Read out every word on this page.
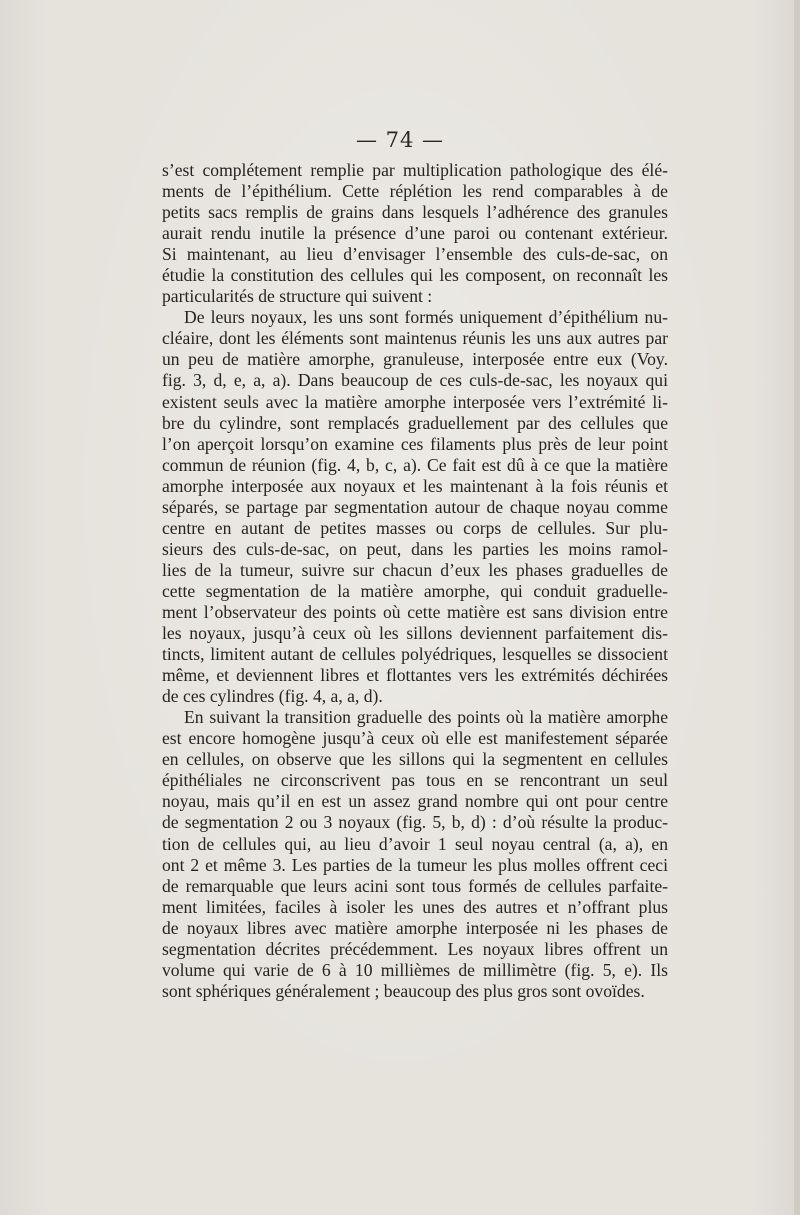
— 74 —
s’est complétement remplie par multiplication pathologique des élé-
ments de l’épithélium. Cette réplétion les rend comparables à de
petits sacs remplis de grains dans lesquels l’adhérence des granules
aurait rendu inutile la présence d’une paroi ou contenant extérieur.
Si maintenant, au lieu d’envisager l’ensemble des culs-de-sac, on
étudie la constitution des cellules qui les composent, on reconnaît les
particularités de structure qui suivent :
De leurs noyaux, les uns sont formés uniquement d’épithélium nu-
cléaire, dont les éléments sont maintenus réunis les uns aux autres par
un peu de matière amorphe, granuleuse, interposée entre eux (Voy.
fig. 3, d, e, a, a). Dans beaucoup de ces culs-de-sac, les noyaux qui
existent seuls avec la matière amorphe interposée vers l’extrémité li-
bre du cylindre, sont remplacés graduellement par des cellules que
l’on aperçoit lorsqu’on examine ces filaments plus près de leur point
commun de réunion (fig. 4, b, c, a). Ce fait est dû à ce que la matière
amorphe interposée aux noyaux et les maintenant à la fois réunis et
séparés, se partage par segmentation autour de chaque noyau comme
centre en autant de petites masses ou corps de cellules. Sur plu-
sieurs des culs-de-sac, on peut, dans les parties les moins ramol-
lies de la tumeur, suivre sur chacun d’eux les phases graduelles de
cette segmentation de la matière amorphe, qui conduit graduelle-
ment l’observateur des points où cette matière est sans division entre
les noyaux, jusqu’à ceux où les sillons deviennent parfaitement dis-
tincts, limitent autant de cellules polyédriques, lesquelles se dissocient
même, et deviennent libres et flottantes vers les extrémités déchirées
de ces cylindres (fig. 4, a, a, d).
En suivant la transition graduelle des points où la matière amorphe
est encore homogène jusqu’à ceux où elle est manifestement séparée
en cellules, on observe que les sillons qui la segmentent en cellules
épithéliales ne circonscrivent pas tous en se rencontrant un seul
noyau, mais qu’il en est un assez grand nombre qui ont pour centre
de segmentation 2 ou 3 noyaux (fig. 5, b, d) : d’où résulte la produc-
tion de cellules qui, au lieu d’avoir 1 seul noyau central (a, a), en
ont 2 et même 3. Les parties de la tumeur les plus molles offrent ceci
de remarquable que leurs acini sont tous formés de cellules parfaite-
ment limitées, faciles à isoler les unes des autres et n’offrant plus
de noyaux libres avec matière amorphe interposée ni les phases de
segmentation décrites précédemment. Les noyaux libres offrent un
volume qui varie de 6 à 10 millièmes de millimètre (fig. 5, e). Ils
sont sphériques généralement ; beaucoup des plus gros sont ovoïdes.
